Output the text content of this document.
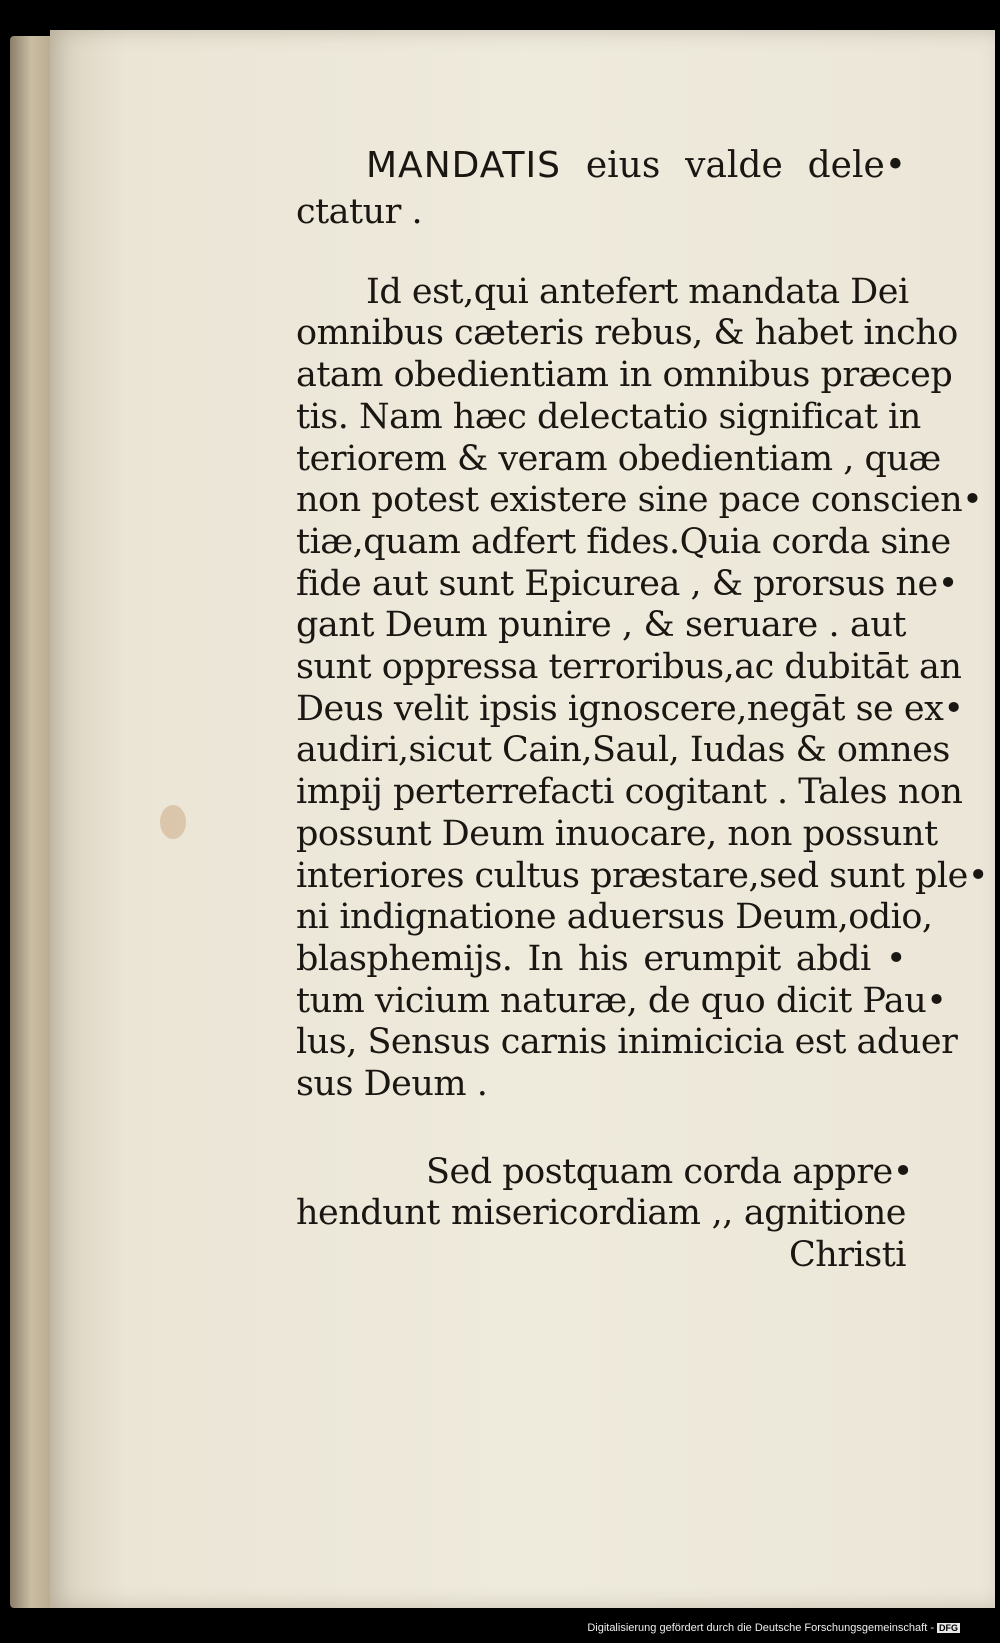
MANDATIS eius valde dele•
ctatur .
Id est,qui antefert mandata Dei
omnibus cæteris rebus, & habet incho
atam obedientiam in omnibus præcep
tis. Nam hæc delectatio significat in
teriorem & veram obedientiam , quæ
non potest existere sine pace conscien•
tiæ,quam adfert fides.Quia corda sine
fide aut sunt Epicurea , & prorsus ne•
gant Deum punire , & seruare . aut
sunt oppressa terroribus,ac dubitāt an
Deus velit ipsis ignoscere,negāt se ex•
audiri,sicut Cain,Saul, Iudas & omnes
impij perterrefacti cogitant . Tales non
possunt Deum inuocare, non possunt
interiores cultus præstare,sed sunt ple•
ni indignatione aduersus Deum,odio,
blasphemijs. In his erumpit abdi •
tum vicium naturæ, de quo dicit Pau•
lus, Sensus carnis inimicicia est aduer
sus Deum .
Sed postquam corda appre•
hendunt misericordiam ,, agnitione
Christi
Digitalisierung gefördert durch die Deutsche Forschungsgemeinschaft - DFG
